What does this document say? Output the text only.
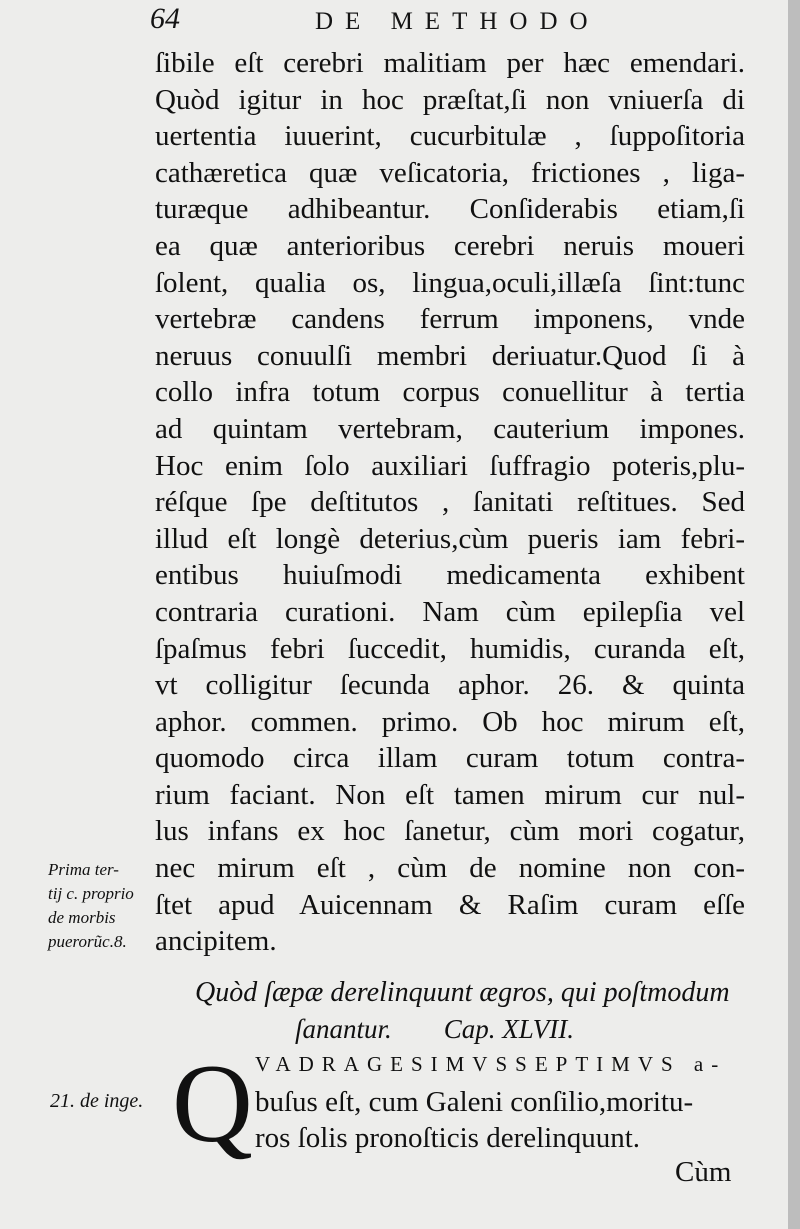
64	DE METHODO
ſibile eſt cerebri malitiam per hæc emendari.
Quòd igitur in hoc præſtat,ſi non vniuerſa di
uertentia iuuerint, cucurbitulæ , ſuppoſitoria
cathæretica quæ veſicatoria, frictiones , liga-
turæque adhibeantur. Conſiderabis etiam,ſi
ea quæ anterioribus cerebri neruis moueri
ſolent, qualia os, lingua,oculi,illæſa ſint:tunc
vertebræ candens ferrum imponens, vnde
neruus conuulſi membri deriuatur.Quod ſi à
collo infra totum corpus conuellitur à tertia
ad quintam vertebram, cauterium impones.
Hoc enim ſolo auxiliari ſuffragio poteris,plu-
réſque ſpe deſtitutos , ſanitati reſtitues. Sed
illud eſt longè deterius,cùm pueris iam febri-
entibus huiuſmodi medicamenta exhibent
contraria curationi. Nam cùm epilepſia vel
ſpaſmus febri ſuccedit, humidis, curanda eſt,
vt colligitur ſecunda aphor. 26. & quinta
aphor. commen. primo. Ob hoc mirum eſt,
quomodo circa illam curam totum contra-
rium faciant. Non eſt tamen mirum cur nul-
lus infans ex hoc ſanetur, cùm mori cogatur,
nec mirum eſt , cùm de nomine non con-
ſtet apud Auicennam & Raſim curam eſſe
ancipitem.
Prima ter-
tij c. proprio
de morbis
puerorũc.8.
Quòd ſæpæ derelinquunt ægros, qui poſtmodum
ſanantur. Cap. XLVII.
21. de inge. Q VADRAGESIMVSSEPTIMVS a-
buſus eſt, cum Galeni conſilio,moritu-
ros ſolis pronoſticis derelinquunt.
Cùm
